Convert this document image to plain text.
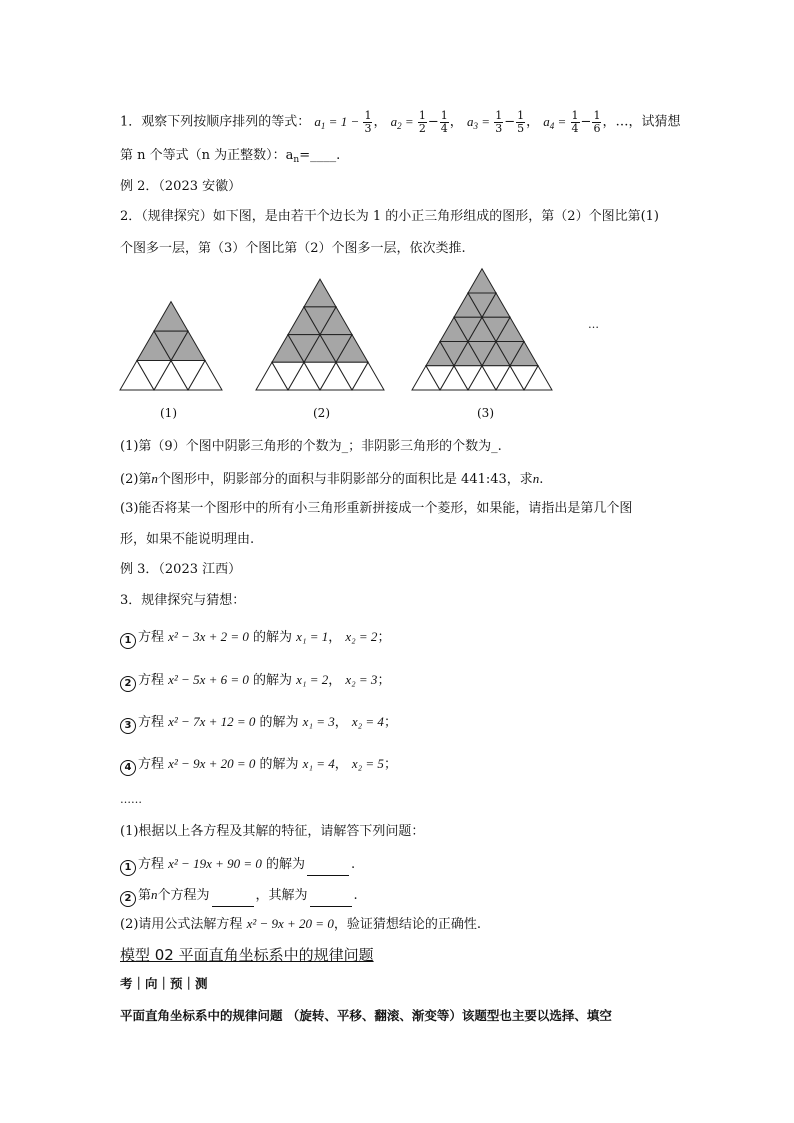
1．观察下列按顺序排列的等式： $a_1 = 1 - \frac{1}{3}$ ， $a_2 = \frac{1}{2} - \frac{1}{4}$ ， $a_3 = \frac{1}{3} - \frac{1}{5}$ ， $a_4 = \frac{1}{4} - \frac{1}{6}$ ，…，试猜想
第 n 个等式（n 为正整数）：$a_n=\_\_\_\_$.
例 2．（2023 安徽）
2．（规律探究）如下图，是由若干个边长为 1 的小正三角形组成的图形，第（2）个图比第(1)
个图多一层，第（3）个图比第（2）个图多一层，依次类推.
(1)	(2)	(3)
…
(1)第（9）个图中阴影三角形的个数为_；非阴影三角形的个数为_.
(2)第n个图形中，阴影部分的面积与非阴影部分的面积比是 441:43，求n.
(3)能否将某一个图形中的所有小三角形重新拼接成一个菱形，如果能，请指出是第几个图
形，如果不能说明理由.
例 3．（2023 江西）
3．规律探究与猜想：
1 方程 x² − 3x + 2 = 0 的解为 x₁ = 1， x₂ = 2；
2 方程 x² − 5x + 6 = 0 的解为 x₁ = 2， x₂ = 3；
3 方程 x² − 7x + 12 = 0 的解为 x₁ = 3， x₂ = 4；
4 方程 x² − 9x + 20 = 0 的解为 x₁ = 4， x₂ = 5；
……
(1)根据以上各方程及其解的特征，请解答下列问题：
1 方程 x² − 19x + 90 = 0 的解为	.
2 第n个方程为	，其解为	.
(2)请用公式法解方程 x² − 9x + 20 = 0，验证猜想结论的正确性.
模型 02 平面直角坐标系中的规律问题
考｜向｜预｜测
平面直角坐标系中的规律问题 （旋转、平移、翻滚、渐变等）该题型也主要以选择、填空
